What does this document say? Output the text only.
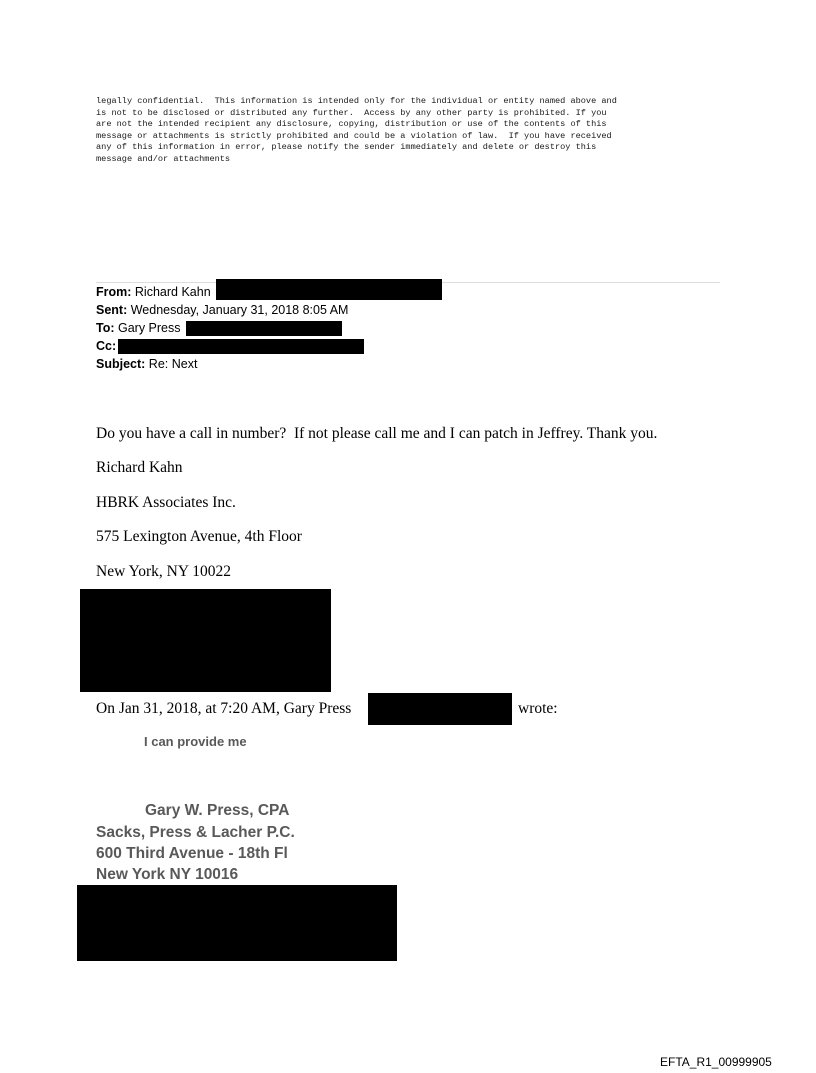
legally confidential.  This information is intended only for the individual or entity named above and
is not to be disclosed or distributed any further.  Access by any other party is prohibited. If you
are not the intended recipient any disclosure, copying, distribution or use of the contents of this
message or attachments is strictly prohibited and could be a violation of law.  If you have received
any of this information in error, please notify the sender immediately and delete or destroy this
message and/or attachments
From: Richard Kahn
Sent: Wednesday, January 31, 2018 8:05 AM
To: Gary Press
Cc:
Subject: Re: Next
Do you have a call in number?  If not please call me and I can patch in Jeffrey. Thank you.
Richard Kahn
HBRK Associates Inc.
575 Lexington Avenue, 4th Floor
New York, NY 10022
On Jan 31, 2018, at 7:20 AM, Gary Press	wrote:
I can provide me
Gary W. Press, CPA
Sacks, Press & Lacher P.C.
600 Third Avenue - 18th Fl
New York NY 10016
EFTA_R1_00999905
